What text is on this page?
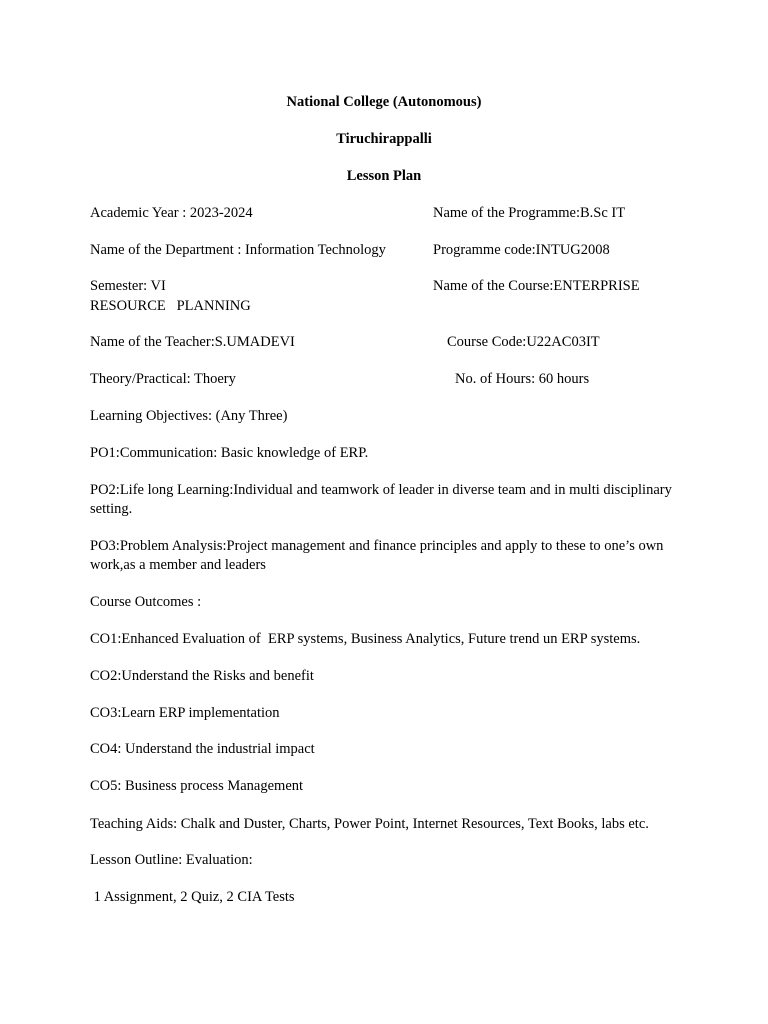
National College (Autonomous)
Tiruchirappalli
Lesson Plan
Academic Year : 2023-2024	Name of the Programme:B.Sc IT
Name of the Department : Information Technology	Programme code:INTUG2008
Semester: VI	Name of the Course:ENTERPRISE
RESOURCE   PLANNING
Name of the Teacher:S.UMADEVI	Course Code:U22AC03IT
Theory/Practical: Thoery	No. of Hours: 60 hours
Learning Objectives: (Any Three)
PO1:Communication: Basic knowledge of ERP.
PO2:Life long Learning:Individual and teamwork of leader in diverse team and in multi disciplinary setting.
PO3:Problem Analysis:Project management and finance principles and apply to these to one’s own work,as a member and leaders
Course Outcomes :
CO1:Enhanced Evaluation of  ERP systems, Business Analytics, Future trend un ERP systems.
CO2:Understand the Risks and benefit
CO3:Learn ERP implementation
CO4: Understand the industrial impact
CO5: Business process Management
Teaching Aids: Chalk and Duster, Charts, Power Point, Internet Resources, Text Books, labs etc.
Lesson Outline: Evaluation:
1 Assignment, 2 Quiz, 2 CIA Tests
